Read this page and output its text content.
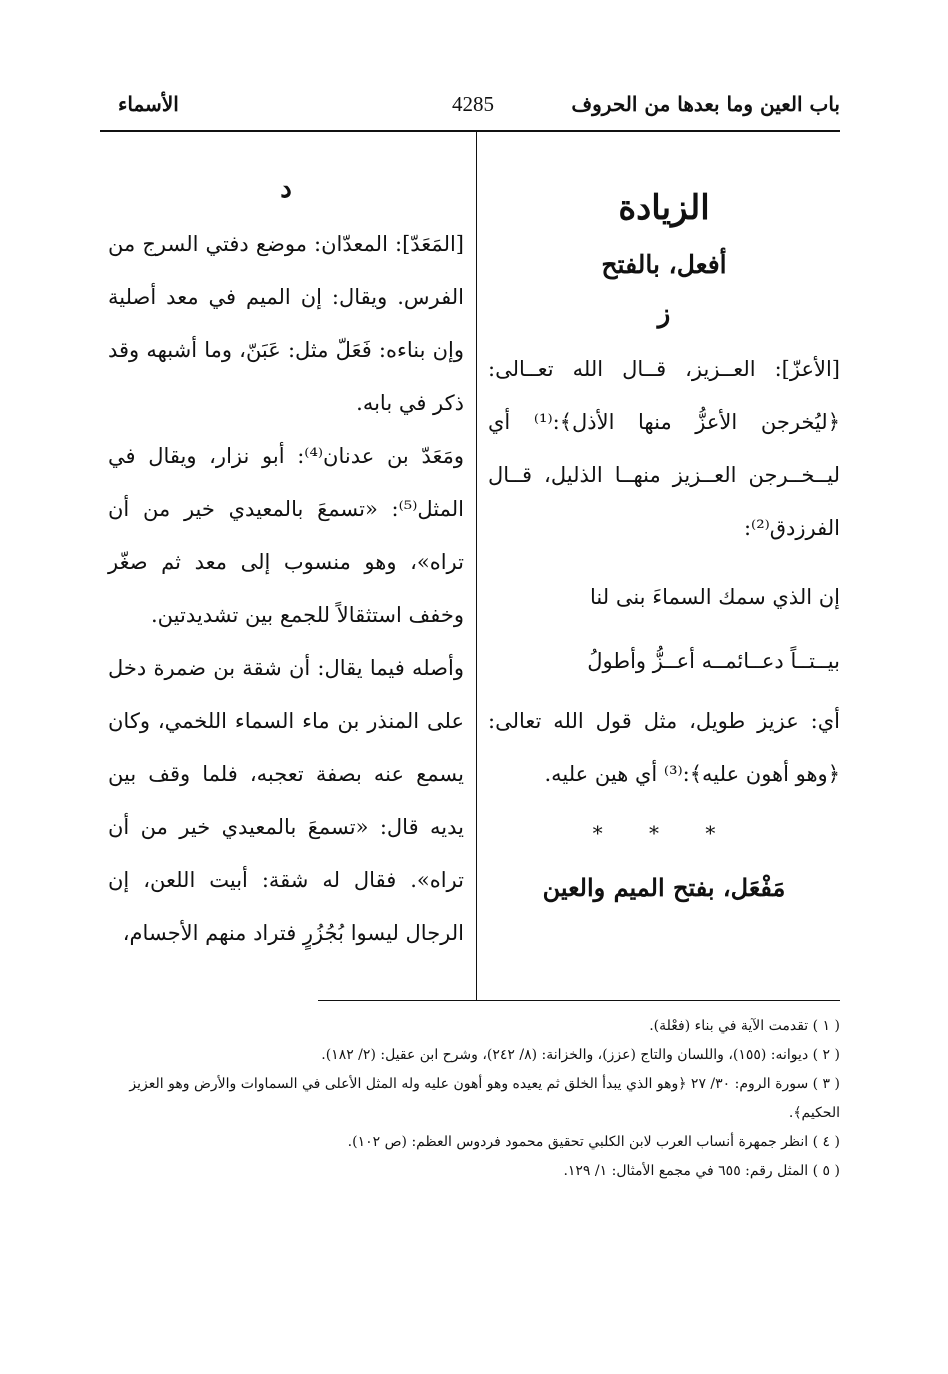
باب العين وما بعدها من الحروف
4285
الأسماء
الزيادة
أفعل، بالفتح
ز

[الأعزّ]: العــزيز، قــال الله تعــالى: ﴿ليُخرجن الأعزُّ منها الأذل﴾:⁽¹⁾ أي ليــخــرجن العــزيز منهــا الذليل، قــال الفرزدق⁽²⁾:

إن الذي سمك السماءَ بنى لنا

بيــتــاً دعــائمــه أعــزُّ وأطولُ

أي: عزيز طويل، مثل قول الله تعالى: ﴿وهو أهون عليه﴾:⁽³⁾ أي هين عليه.

* * *
مَفْعَل، بفتح الميم والعين
د

[المَعَدّ]: المعدّان: موضع دفتي السرج من الفرس. ويقال: إن الميم في معد أصلية وإن بناءه: فَعَلّ مثل: عَبَنّ، وما أشبهه وقد ذكر في بابه.

ومَعَدّ بن عدنان⁽⁴⁾: أبو نزار، ويقال في المثل⁽⁵⁾: «تسمعَ بالمعيدي خير من أن تراه»، وهو منسوب إلى معد ثم صغّر وخفف استثقالاً للجمع بين تشديدتين.

وأصله فيما يقال: أن شقة بن ضمرة دخل على المنذر بن ماء السماء اللخمي، وكان يسمع عنه بصفة تعجبه، فلما وقف بين يديه قال: «تسمعَ بالمعيدي خير من أن تراه». فقال له شقة: أبيت اللعن، إن الرجال ليسوا بُجُزُرٍ فتراد منهم الأجسام،

( ١ ) تقدمت الآية في بناء (فعْلة).

( ٢ ) ديوانه: (١٥٥)، واللسان والتاج (عزز)، والخزانة: (٨/ ٢٤٢)، وشرح ابن عقيل: (٢/ ١٨٢).

( ٣ ) سورة الروم: ٣٠/ ٢٧ ﴿وهو الذي يبدأ الخلق ثم يعيده وهو أهون عليه وله المثل الأعلى في السماوات والأرض وهو العزيز الحكيم﴾.

( ٤ ) انظر جمهرة أنساب العرب لابن الكلبي تحقيق محمود فردوس العظم: (ص ١٠٢).

( ٥ ) المثل رقم: ٦٥٥ في مجمع الأمثال: ١/ ١٢٩.
